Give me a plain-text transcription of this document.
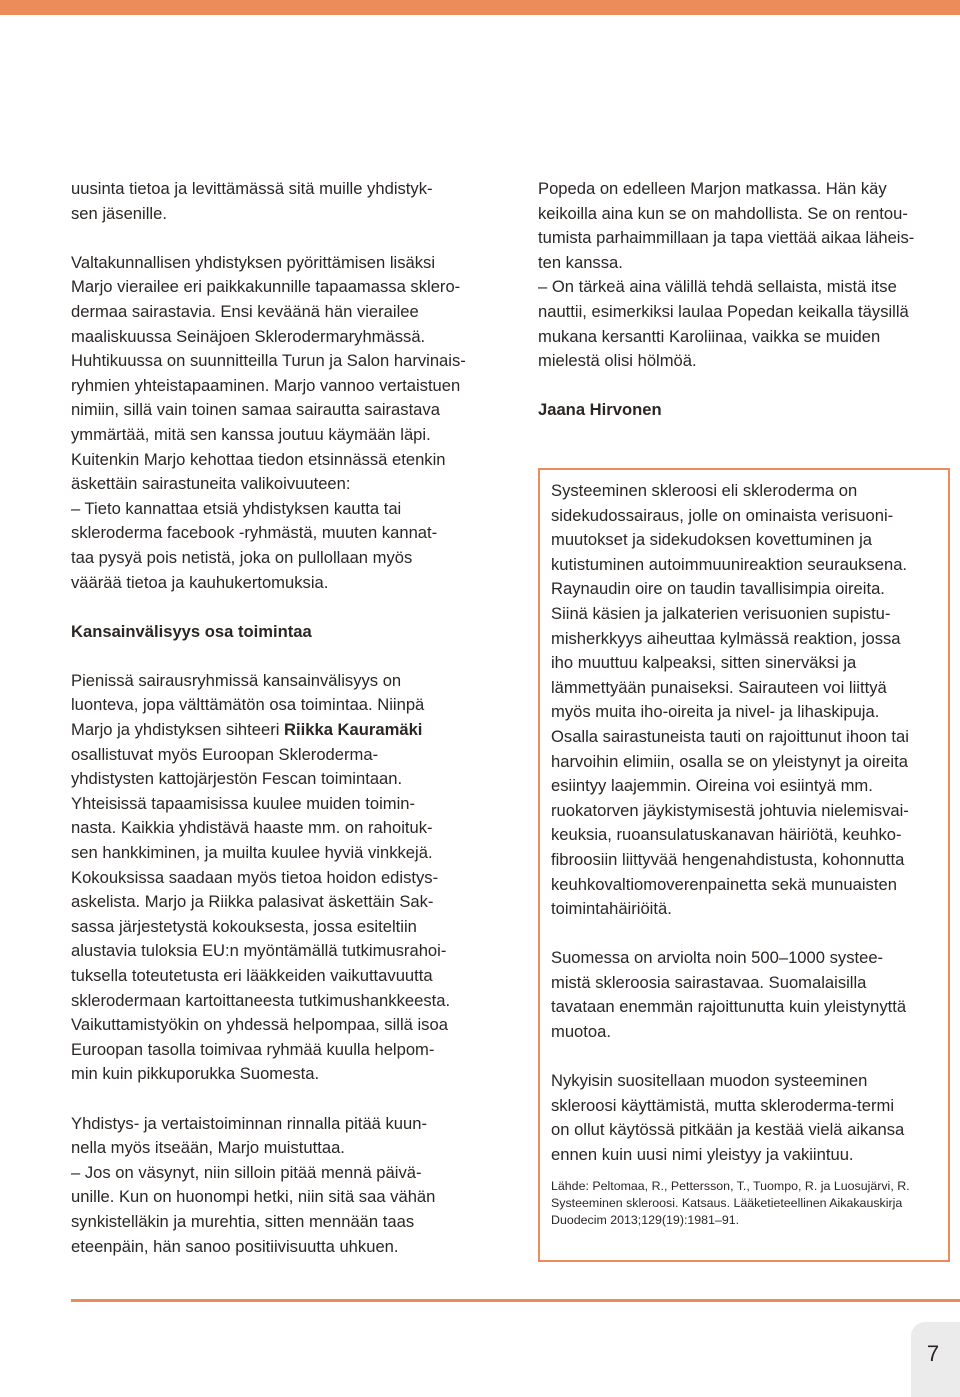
uusinta tietoa ja levittämässä sitä muille yhdistyk-
sen jäsenille.

Valtakunnallisen yhdistyksen pyörittämisen lisäksi
Marjo vierailee eri paikkakunnille tapaamassa sklero-
dermaa sairastavia. Ensi keväänä hän vierailee
maaliskuussa Seinäjoen Sklerodermaryhmässä.
Huhtikuussa on suunnitteilla Turun ja Salon harvinais-
ryhmien yhteistapaaminen. Marjo vannoo vertaistuen
nimiin, sillä vain toinen samaa sairautta sairastava
ymmärtää, mitä sen kanssa joutuu käymään läpi.
Kuitenkin Marjo kehottaa tiedon etsinnässä etenkin
äskettäin sairastuneita valikoivuuteen:
– Tieto kannattaa etsiä yhdistyksen kautta tai
skleroderma facebook -ryhmästä, muuten kannat-
taa pysyä pois netistä, joka on pullollaan myös
väärää tietoa ja kauhukertomuksia.

Kansainvälisyys osa toimintaa

Pienissä sairausryhmissä kansainvälisyys on
luonteva, jopa välttämätön osa toimintaa. Niinpä
Marjo ja yhdistyksen sihteeri Riikka Kauramäki
osallistuvat myös Euroopan Skleroderma-
yhdistysten kattojärjestön Fescan toimintaan.
Yhteisissä tapaamisissa kuulee muiden toimin-
nasta. Kaikkia yhdistävä haaste mm. on rahoituk-
sen hankkiminen, ja muilta kuulee hyviä vinkkejä.
Kokouksissa saadaan myös tietoa hoidon edistys-
askelista. Marjo ja Riikka palasivat äskettäin Sak-
sassa järjestetystä kokouksesta, jossa esiteltiin
alustavia tuloksia EU:n myöntämällä tutkimusrahoi-
tuksella toteutetusta eri lääkkeiden vaikuttavuutta
sklerodermaan kartoittaneesta tutkimushankkeesta.
Vaikuttamistyökin on yhdessä helpompaa, sillä isoa
Euroopan tasolla toimivaa ryhmää kuulla helpom-
min kuin pikkuporukka Suomesta.

Yhdistys- ja vertaistoiminnan rinnalla pitää kuun-
nella myös itseään, Marjo muistuttaa.
– Jos on väsynyt, niin silloin pitää mennä päivä-
unille. Kun on huonompi hetki, niin sitä saa vähän
synkistelläkin ja murehtia, sitten mennään taas
eteenpäin, hän sanoo positiivisuutta uhkuen.

Popeda on edelleen Marjon matkassa. Hän käy
keikoilla aina kun se on mahdollista. Se on rentou-
tumista parhaimmillaan ja tapa viettää aikaa läheis-
ten kanssa.
– On tärkeä aina välillä tehdä sellaista, mistä itse
nauttii, esimerkiksi laulaa Popedan keikalla täysillä
mukana kersantti Karoliinaa, vaikka se muiden
mielestä olisi hölmöä.

Jaana Hirvonen

Systeeminen skleroosi eli skleroderma on
sidekudossairaus, jolle on ominaista verisuoni-
muutokset ja sidekudoksen kovettuminen ja
kutistuminen autoimmuunireaktion seurauksena.
Raynaudin oire on taudin tavallisimpia oireita.
Siinä käsien ja jalkaterien verisuonien supistu-
misherkkyys aiheuttaa kylmässä reaktion, jossa
iho muuttuu kalpeaksi, sitten sinerväksi ja
lämmettyään punaiseksi. Sairauteen voi liittyä
myös muita iho-oireita ja nivel- ja lihaskipuja.
Osalla sairastuneista tauti on rajoittunut ihoon tai
harvoihin elimiin, osalla se on yleistynyt ja oireita
esiintyy laajemmin. Oireina voi esiintyä mm.
ruokatorven jäykistymisestä johtuvia nielemisvai-
keuksia, ruoansulatuskanavan häiriötä, keuhko-
fibroosiin liittyvää hengenahdistusta, kohonnutta
keuhkovaltiomoverenpainetta sekä munuaisten
toimintahäiriöitä.

Suomessa on arviolta noin 500–1000 systee-
mistä skleroosia sairastavaa. Suomalaisilla
tavataan enemmän rajoittunutta kuin yleistynyttä
muotoa.

Nykyisin suositellaan muodon systeeminen
skleroosi käyttämistä, mutta skleroderma-termi
on ollut käytössä pitkään ja kestää vielä aikansa
ennen kuin uusi nimi yleistyy ja vakiintuu.

Lähde: Peltomaa, R., Pettersson, T., Tuompo, R. ja Luosujärvi, R.
Systeeminen skleroosi. Katsaus. Lääketieteellinen Aikakauskirja
Duodecim 2013;129(19):1981–91.

7
